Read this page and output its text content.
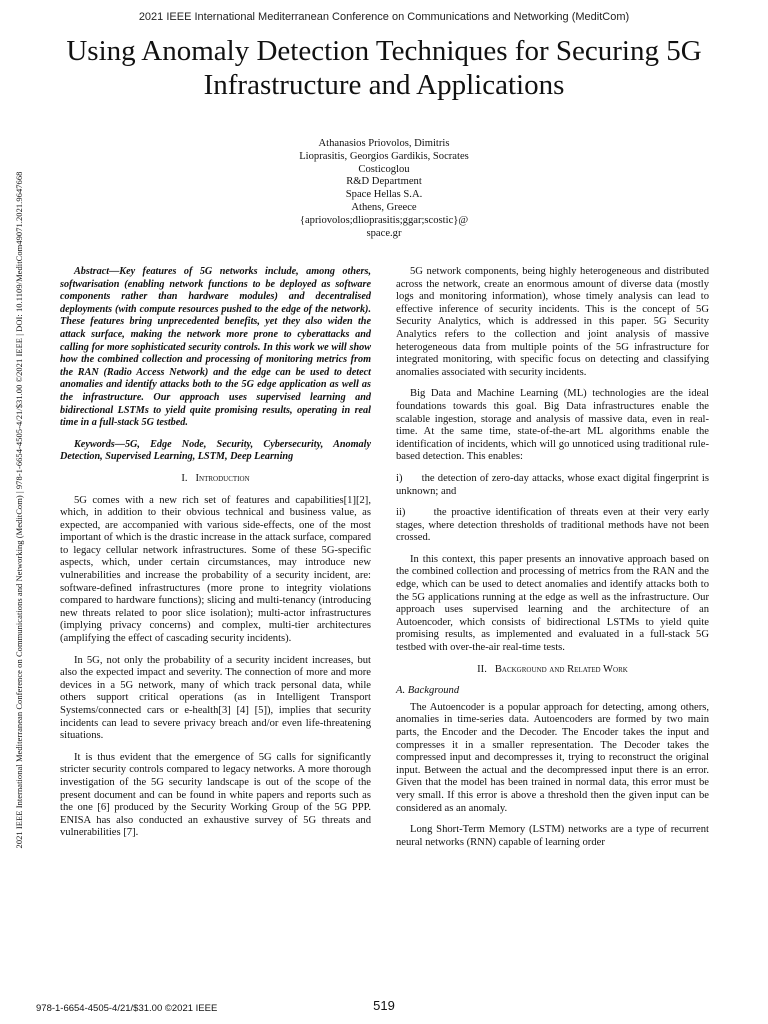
2021 IEEE International Mediterranean Conference on Communications and Networking (MeditCom)
Using Anomaly Detection Techniques for Securing 5G Infrastructure and Applications
2021 IEEE International Mediterranean Conference on Communications and Networking (MeditCom) | 978-1-6654-4505-4/21/$31.00 ©2021 IEEE | DOI: 10.1109/MeditCom49071.2021.9647668
Athanasios Priovolos, Dimitris
Lioprasitis, Georgios Gardikis, Socrates
Costicoglou
R&D Department
Space Hellas S.A.
Athens, Greece
{apriovolos;dlioprasitis;ggar;scostic}@
space.gr

Abstract—Key features of 5G networks include, among others, softwarisation (enabling network functions to be deployed as software components rather than hardware modules) and decentralised deployments (with compute resources pushed to the edge of the network). These features bring unprecedented benefits, yet they also widen the attack surface, making the network more prone to cyberattacks and calling for more sophisticated security controls. In this work we will show how the combined collection and processing of monitoring metrics from the RAN (Radio Access Network) and the edge can be used to detect anomalies and identify attacks both to the 5G edge application as well as the infrastructure. Our approach uses supervised learning and bidirectional LSTMs to yield quite promising results, operating in real time in a full-stack 5G testbed.

Keywords—5G, Edge Node, Security, Cybersecurity, Anomaly Detection, Supervised Learning, LSTM, Deep Learning

I. Introduction

5G comes with a new rich set of features and capabilities[1][2], which, in addition to their obvious technical and business value, as expected, are accompanied with various side-effects, one of the most important of which is the drastic increase in the attack surface, compared to legacy cellular network infrastructures. Some of these 5G-specific aspects, which, under certain circumstances, may introduce new vulnerabilities and increase the probability of a security incident, are: software-defined infrastructures (more prone to integrity violations compared to hardware functions); slicing and multi-tenancy (introducing new threats related to poor slice isolation); multi-actor infrastructures (implying privacy concerns) and complex, multi-tier architectures (amplifying the effect of cascading security incidents).

In 5G, not only the probability of a security incident increases, but also the expected impact and severity. The connection of more and more devices in a 5G network, many of which track personal data, while others support critical operations (as in Intelligent Transport Systems/connected cars or e-health[3] [4] [5]), implies that security incidents can lead to severe privacy breach and/or even life-threatening situations.

It is thus evident that the emergence of 5G calls for significantly stricter security controls compared to legacy networks. A more thorough investigation of the 5G security landscape is out of the scope of the present document and can be found in white papers and reports such as the one [6] produced by the Security Working Group of the 5G PPP. ENISA has also conducted an exhaustive survey of 5G threats and vulnerabilities [7].

5G network components, being highly heterogeneous and distributed across the network, create an enormous amount of diverse data (mostly logs and monitoring information), whose timely analysis can lead to effective inference of security incidents. This is the concept of 5G Security Analytics, which is addressed in this paper. 5G Security Analytics refers to the collection and joint analysis of massive heterogeneous data from multiple points of the 5G infrastructure for integrated monitoring, with specific focus on detecting and classifying anomalies associated with security incidents.

Big Data and Machine Learning (ML) technologies are the ideal foundations towards this goal. Big Data infrastructures enable the scalable ingestion, storage and analysis of massive data, even in real-time. At the same time, state-of-the-art ML algorithms enable the identification of incidents, which will go unnoticed using traditional rule-based detection. This enables:

i) the detection of zero-day attacks, whose exact digital fingerprint is unknown; and

ii)	the proactive identification of threats even at their very early stages, where detection thresholds of traditional methods have not been crossed.

In this context, this paper presents an innovative approach based on the combined collection and processing of metrics from the RAN and the edge, which can be used to detect anomalies and identify attacks both to the 5G applications running at the edge as well as the infrastructure. Our approach uses supervised learning and the architecture of an Autoencoder, which consists of bidirectional LSTMs to yield quite promising results, as implemented and evaluated in a full-stack 5G testbed with over-the-air real-time tests.

II. Background and Related Work
A. Background

The Autoencoder is a popular approach for detecting, among others, anomalies in time-series data. Autoencoders are formed by two main parts, the Encoder and the Decoder. The Encoder takes the input and compresses it in a smaller representation. The Decoder takes the compressed input and decompresses it, trying to reconstruct the original input. Between the actual and the decompressed input there is an error. Given that the model has been trained in normal data, this error must be very small. If this error is above a threshold then the given input can be considered as an anomaly.

Long Short-Term Memory (LSTM) networks are a type of recurrent neural networks (RNN) capable of learning order

978-1-6654-4505-4/21/$31.00 ©2021 IEEE	519
